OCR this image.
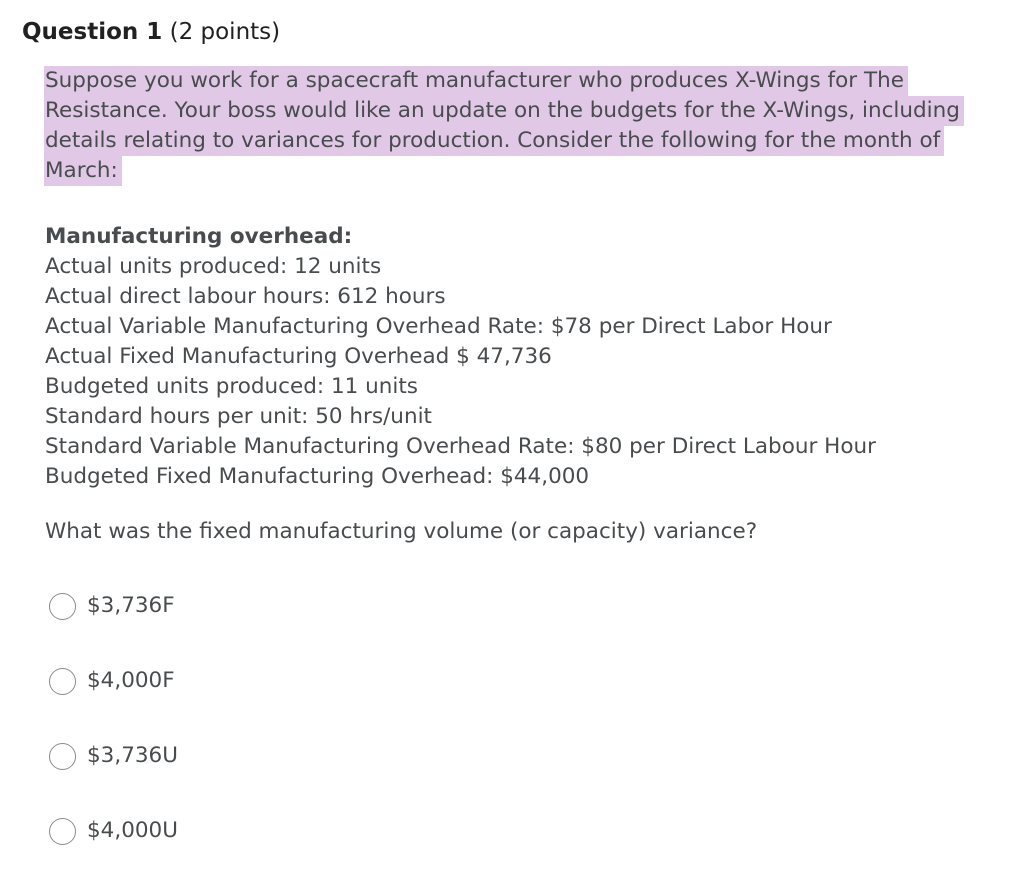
Question 1 (2 points)
Suppose you work for a spacecraft manufacturer who produces X-Wings for The
Resistance. Your boss would like an update on the budgets for the X-Wings, including
details relating to variances for production. Consider the following for the month of
March:
Manufacturing overhead:
Actual units produced: 12 units
Actual direct labour hours: 612 hours
Actual Variable Manufacturing Overhead Rate: $78 per Direct Labor Hour
Actual Fixed Manufacturing Overhead $ 47,736
Budgeted units produced: 11 units
Standard hours per unit: 50 hrs/unit
Standard Variable Manufacturing Overhead Rate: $80 per Direct Labour Hour
Budgeted Fixed Manufacturing Overhead: $44,000
What was the fixed manufacturing volume (or capacity) variance?
$3,736F
$4,000F
$3,736U
$4,000U
